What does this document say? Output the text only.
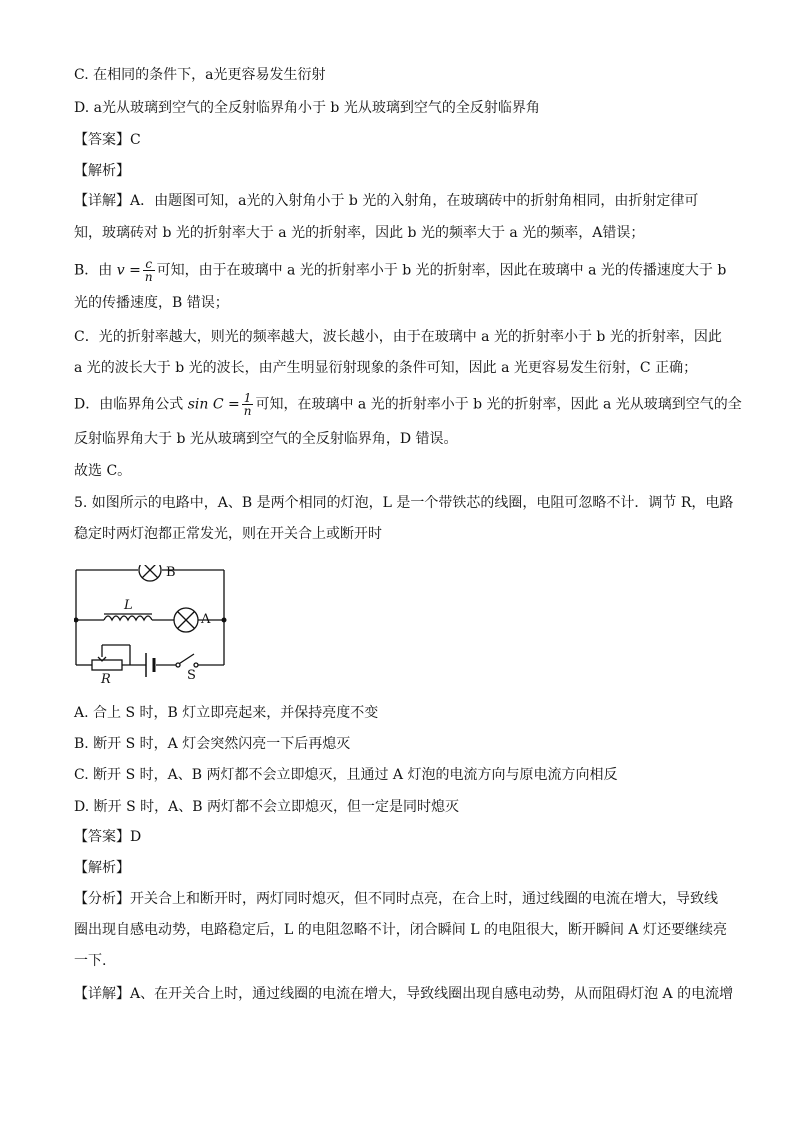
C. 在相同的条件下，a光更容易发生衍射
D. a光从玻璃到空气的全反射临界角小于 b 光从玻璃到空气的全反射临界角
【答案】C
【解析】
【详解】A．由题图可知，a光的入射角小于 b 光的入射角，在玻璃砖中的折射角相同，由折射定律可
知，玻璃砖对 b 光的折射率大于 a 光的折射率，因此 b 光的频率大于 a 光的频率，A错误；
B．由 $v = \frac{c}{n}$ 可知，由于在玻璃中 a 光的折射率小于 b 光的折射率，因此在玻璃中 a 光的传播速度大于 b
光的传播速度，B 错误；
C．光的折射率越大，则光的频率越大，波长越小，由于在玻璃中 a 光的折射率小于 b 光的折射率，因此
a 光的波长大于 b 光的波长，由产生明显衍射现象的条件可知，因此 a 光更容易发生衍射，C 正确；
D．由临界角公式 $\sin C = \frac{1}{n}$ 可知，在玻璃中 a 光的折射率小于 b 光的折射率，因此 a 光从玻璃到空气的全
反射临界角大于 b 光从玻璃到空气的全反射临界角，D 错误。
故选 C。
5. 如图所示的电路中，A、B 是两个相同的灯泡，L 是一个带铁芯的线圈，电阻可忽略不计．调节 R，电路
稳定时两灯泡都正常发光，则在开关合上或断开时
B
A
L
R	S
A. 合上 S 时，B 灯立即亮起来，并保持亮度不变
B. 断开 S 时，A 灯会突然闪亮一下后再熄灭
C. 断开 S 时，A、B 两灯都不会立即熄灭，且通过 A 灯泡的电流方向与原电流方向相反
D. 断开 S 时，A、B 两灯都不会立即熄灭，但一定是同时熄灭
【答案】D
【解析】
【分析】开关合上和断开时，两灯同时熄灭，但不同时点亮，在合上时，通过线圈的电流在增大，导致线
圈出现自感电动势，电路稳定后，L 的电阻忽略不计，闭合瞬间 L 的电阻很大，断开瞬间 A 灯还要继续亮
一下.
【详解】A、在开关合上时，通过线圈的电流在增大，导致线圈出现自感电动势，从而阻碍灯泡 A 的电流增
